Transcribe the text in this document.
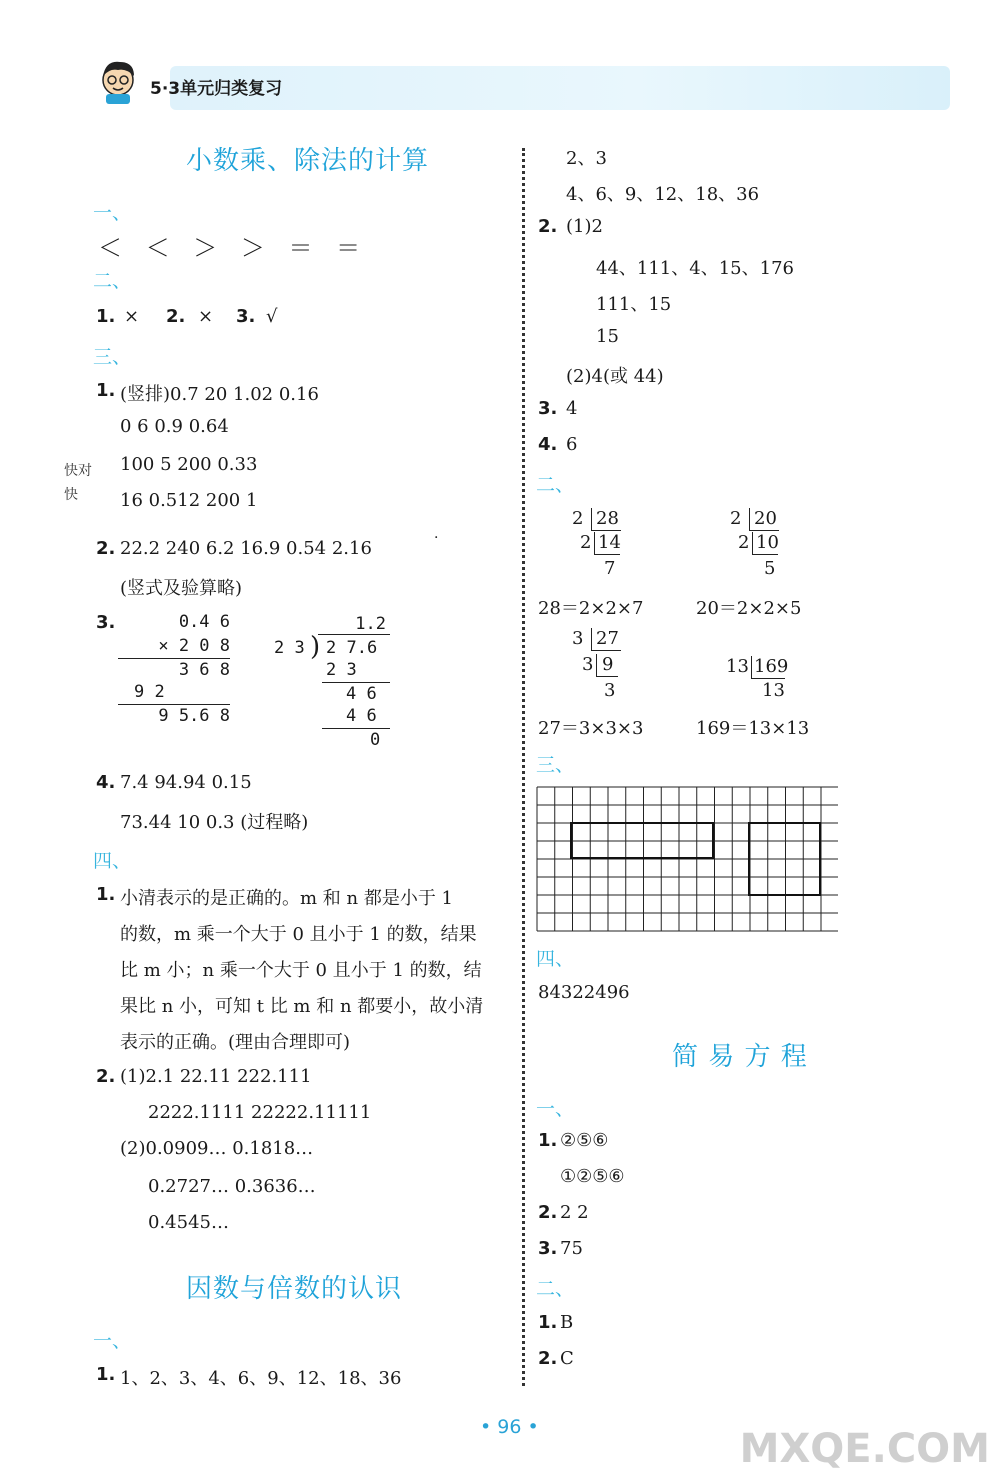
5·3单元归类复习
小数乘、除法的计算
一、
＜ ＜ ＞ ＞ ＝ ＝
二、
1. × 2. × 3. √
三、
1. (竖排)0.7 20 1.02 0.16
0 6 0.9 0.64
100 5 200 0.33
16 0.512 200 1
快对
快
2. 22.2 240 6.2 16.9 0.54 2.16	·
(竖式及验算略)
3.	0.4 6
× 2 0 8
3 6 8
9 2
9 5.6 8
1.2
)
2 3 2 7.6
2 3
4 6
4 6
0
4. 7.4 94.94 0.15
73.44 10 0.3 (过程略)
四、
1. 小清表示的是正确的。m 和 n 都是小于 1
的数，m 乘一个大于 0 且小于 1 的数，结果
比 m 小；n 乘一个大于 0 且小于 1 的数，结
果比 n 小，可知 t 比 m 和 n 都要小，故小清
表示的正确。(理由合理即可)
2. (1)2.1 22.11 222.111
2222.1111 22222.11111
(2)0.0909… 0.1818…
0.2727… 0.3636…
0.4545…
因数与倍数的认识
一、
1. 1、2、3、4、6、9、12、18、36
2、3
4、6、9、12、18、36
2. (1)2
44、111、4、15、176
111、15
15
(2)4(或 44)
3. 4
4. 6
二、
2 28
2 14
7
2 20
2 10
5
28＝2×2×7	20＝2×2×5
3 27
3 9
3
13 169
13
27＝3×3×3	169＝13×13
三、
四、
84322496
简 易 方 程
一、
1. ②⑤⑥
①②⑤⑥
2. 2 2
3. 75
二、
1. B
2. C
• 96 •	MXQE.COM
